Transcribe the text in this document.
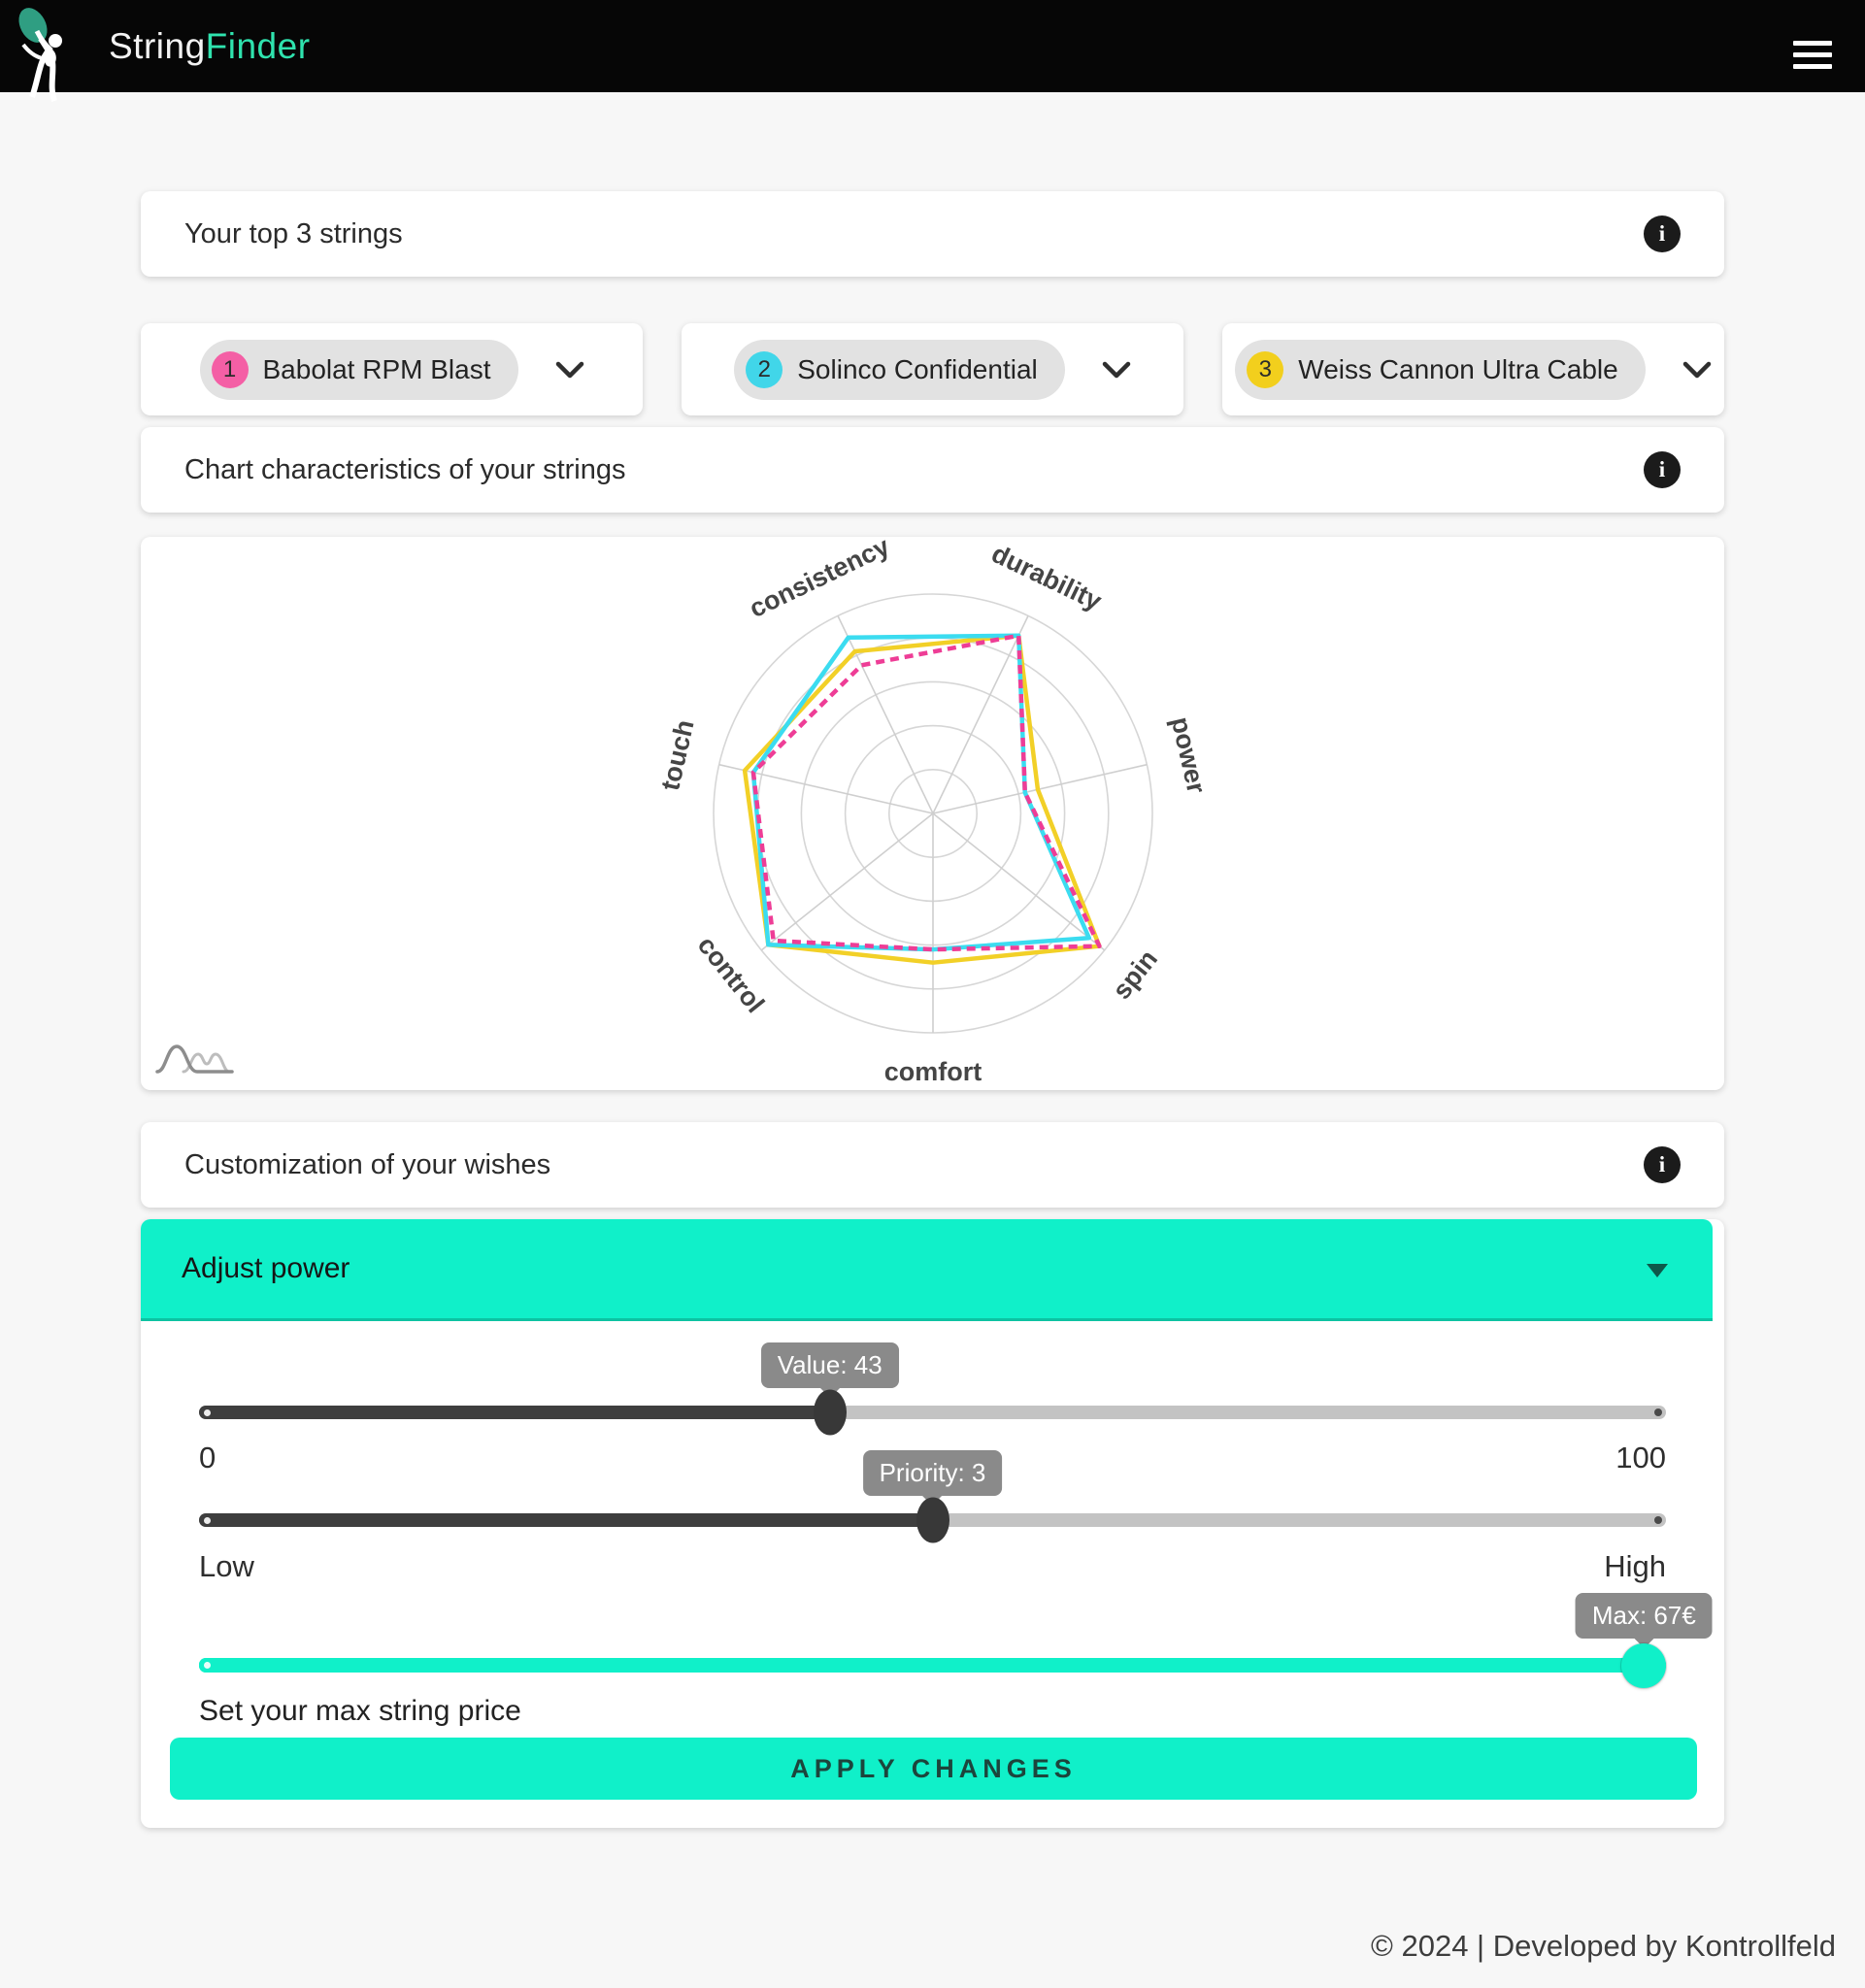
StringFinder
Your top 3 strings	i
1 Babolat RPM Blast	2 Solinco Confidential	3 Weiss Cannon Ultra Cable
Chart characteristics of your strings	i
consistency	durability
power
spin
comfort
control
touch
Customization of your wishes	i
Adjust power
Value: 43
0	100
Priority: 3
Low	High
Max: 67€
Set your max string price
APPLY CHANGES
© 2024 | Developed by Kontrollfeld
